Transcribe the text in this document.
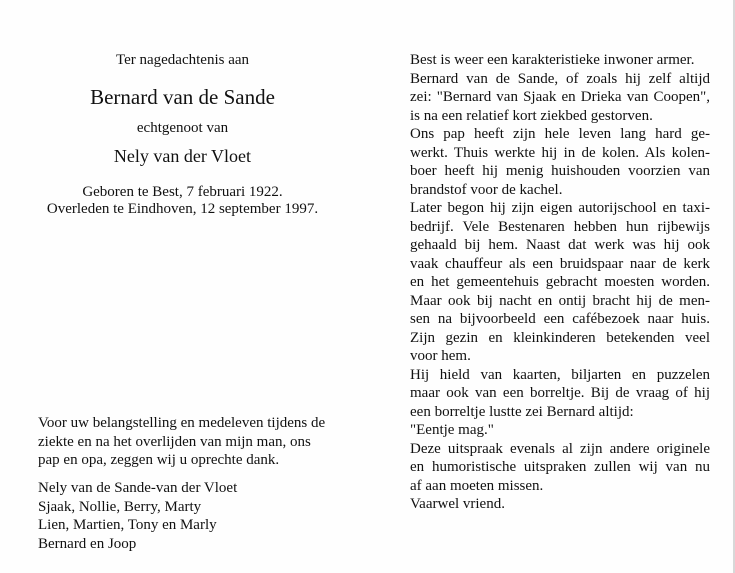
Ter nagedachtenis aan
Bernard van de Sande
echtgenoot van
Nely van der Vloet
Geboren te Best, 7 februari 1922.
Overleden te Eindhoven, 12 september 1997.
Voor uw belangstelling en medeleven tijdens de
ziekte en na het overlijden van mijn man, ons
pap en opa, zeggen wij u oprechte dank.
Nely van de Sande-van der Vloet
Sjaak, Nollie, Berry, Marty
Lien, Martien, Tony en Marly
Bernard en Joop
Best is weer een karakteristieke inwoner armer.
Bernard van de Sande, of zoals hij zelf altijd
zei: "Bernard van Sjaak en Drieka van Coopen",
is na een relatief kort ziekbed gestorven.
Ons pap heeft zijn hele leven lang hard ge-
werkt. Thuis werkte hij in de kolen. Als kolen-
boer heeft hij menig huishouden voorzien van
brandstof voor de kachel.
Later begon hij zijn eigen autorijschool en taxi-
bedrijf. Vele Bestenaren hebben hun rijbewijs
gehaald bij hem. Naast dat werk was hij ook
vaak chauffeur als een bruidspaar naar de kerk
en het gemeentehuis gebracht moesten worden.
Maar ook bij nacht en ontij bracht hij de men-
sen na bijvoorbeeld een cafébezoek naar huis.
Zijn gezin en kleinkinderen betekenden veel
voor hem.
Hij hield van kaarten, biljarten en puzzelen
maar ook van een borreltje. Bij de vraag of hij
een borreltje lustte zei Bernard altijd:
"Eentje mag."
Deze uitspraak evenals al zijn andere originele
en humoristische uitspraken zullen wij van nu
af aan moeten missen.
Vaarwel vriend.
